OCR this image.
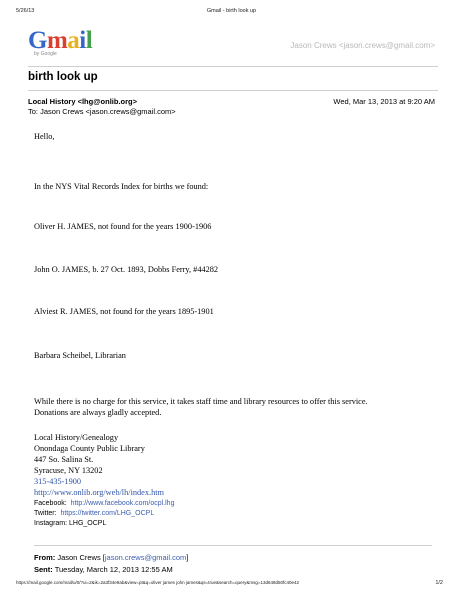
5/26/13	Gmail - birth look up
Gmail
by Google
Jason Crews <jason.crews@gmail.com>
birth look up
Local History <lhg@onlib.org>	Wed, Mar 13, 2013 at 9:20 AM
To: Jason Crews <jason.crews@gmail.com>
Hello,
In the NYS Vital Records Index for births we found:
Oliver H. JAMES, not found for the years 1900-1906
John O. JAMES, b. 27 Oct. 1893, Dobbs Ferry, #44282
Alviest R. JAMES, not found for the years 1895-1901
Barbara Scheibel, Librarian
While there is no charge for this service, it takes staff time and library resources to offer this service.
Donations are always gladly accepted.
Local History/Genealogy
Onondaga County Public Library
447 So. Salina St.
Syracuse, NY 13202
315-435-1900
http://www.onlib.org/web/lh/index.htm
Facebook: http://www.facebook.com/ocpl.lhg
Twitter: https://twitter.com/LHG_OCPL
Instagram: LHG_OCPL
From: Jason Crews [jason.crews@gmail.com]
Sent: Tuesday, March 12, 2013 12:55 AM
https://mail.google.com/mail/u/0/?ui=2&ik=2a3f34e9ab&view=pt&q=oliver james john james&qs=true&search=query&msg=13d648d50fc40e42	1/2
